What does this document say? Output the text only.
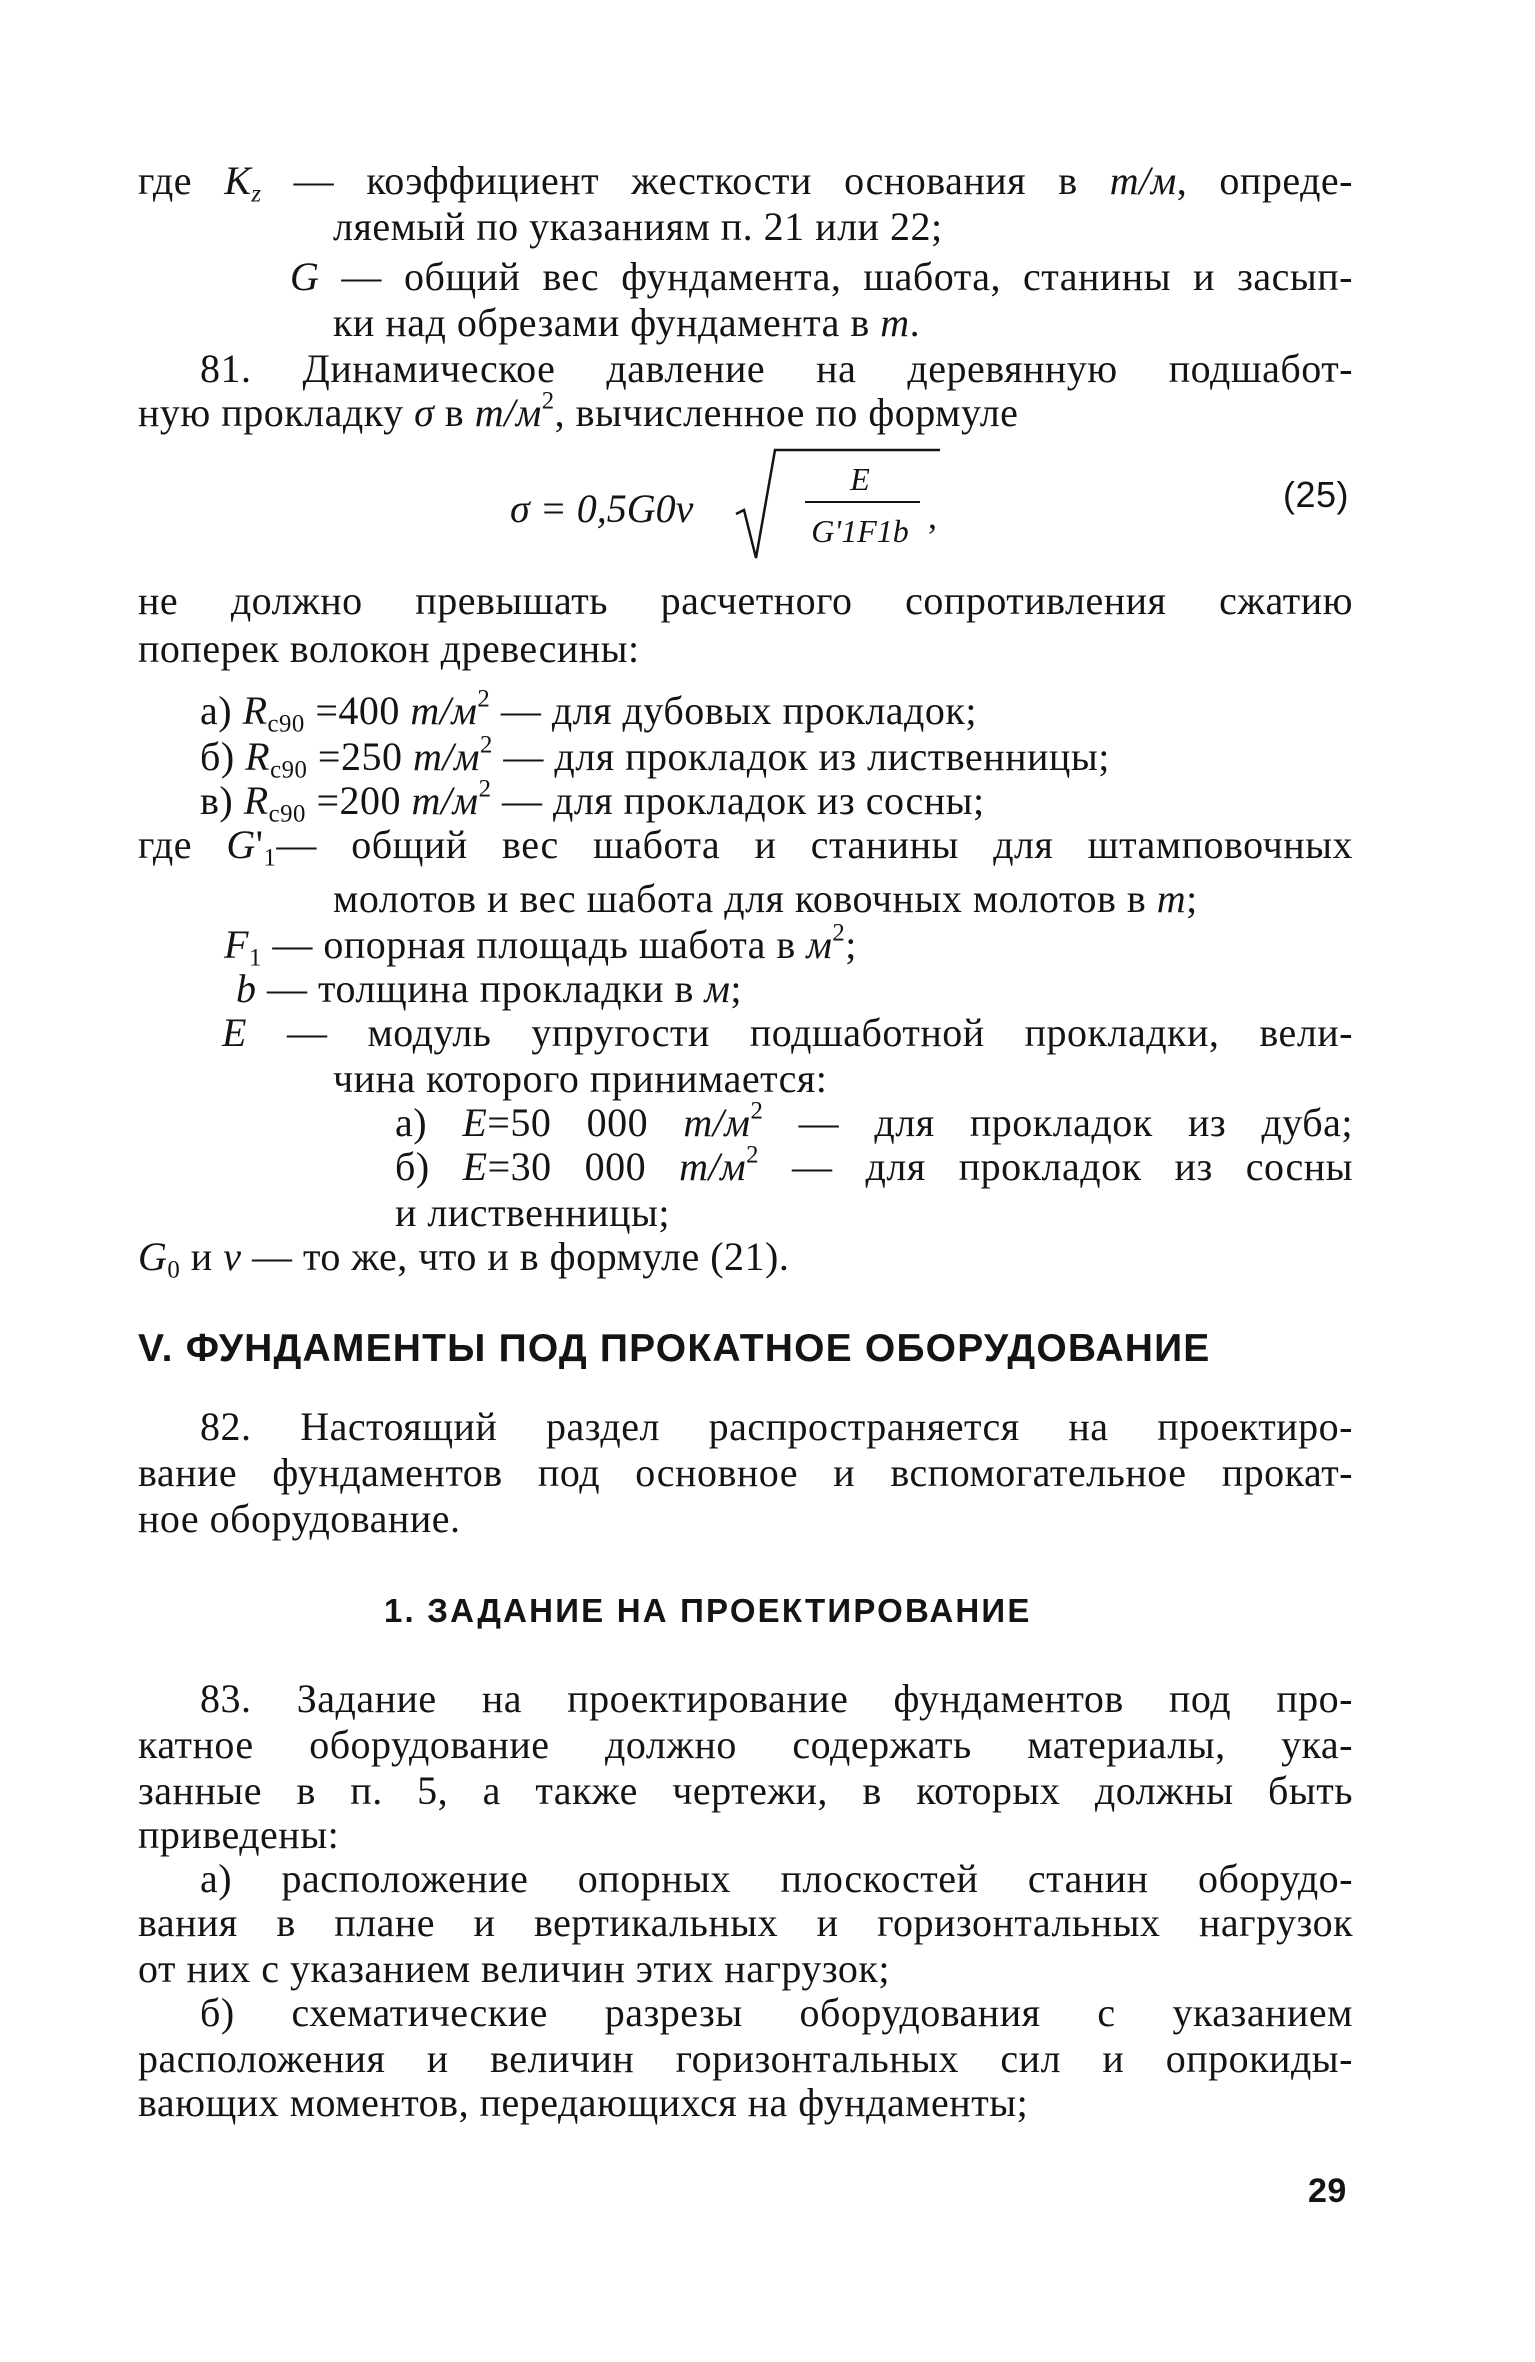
где $K_z$ — коэффициент жесткости основания в т/м, опреде-
ляемый по указаниям п. 21 или 22;
G — общий вес фундамента, шабота, станины и засып-
ки над обрезами фундамента в т.
81. Динамическое давление на деревянную подшабот-
ную прокладку σ в $т/м^2$, вычисленное по формуле
σ = 0,5G0v
E
G'1F1b ,
(25)
не должно превышать расчетного сопротивления сжатию
поперек волокон древесины:
а) $R_{с90} =400$ $т/м^2$ — для дубовых прокладок;
б) $R_{с90} =250$ $т/м^2$ — для прокладок из лиственницы;
в) $R_{с90} =200$ $т/м^2$ — для прокладок из сосны;
где $G'_1—$ общий вес шабота и станины для штамповочных
молотов и вес шабота для ковочных молотов в т;
$F_1$ — опорная площадь шабота в $м^2$;
b — толщина прокладки в м;
E — модуль упругости подшаботной прокладки, вели-
чина которого принимается:
а) E=50 000 $т/м^2$ — для прокладок из дуба;
б) E=30 000 $т/м^2$ — для прокладок из сосны
и лиственницы;
$G_0$ и v — то же, что и в формуле (21).
V. ФУНДАМЕНТЫ ПОД ПРОКАТНОЕ ОБОРУДОВАНИЕ
82. Настоящий раздел распространяется на проектиро-
вание фундаментов под основное и вспомогательное прокат-
ное оборудование.
1. ЗАДАНИЕ НА ПРОЕКТИРОВАНИЕ
83. Задание на проектирование фундаментов под про-
катное оборудование должно содержать материалы, ука-
занные в п. 5, а также чертежи, в которых должны быть
приведены:
а) расположение опорных плоскостей станин оборудо-
вания в плане и вертикальных и горизонтальных нагрузок
от них с указанием величин этих нагрузок;
б) схематические разрезы оборудования с указанием
расположения и величин горизонтальных сил и опрокиды-
вающих моментов, передающихся на фундаменты;
29
